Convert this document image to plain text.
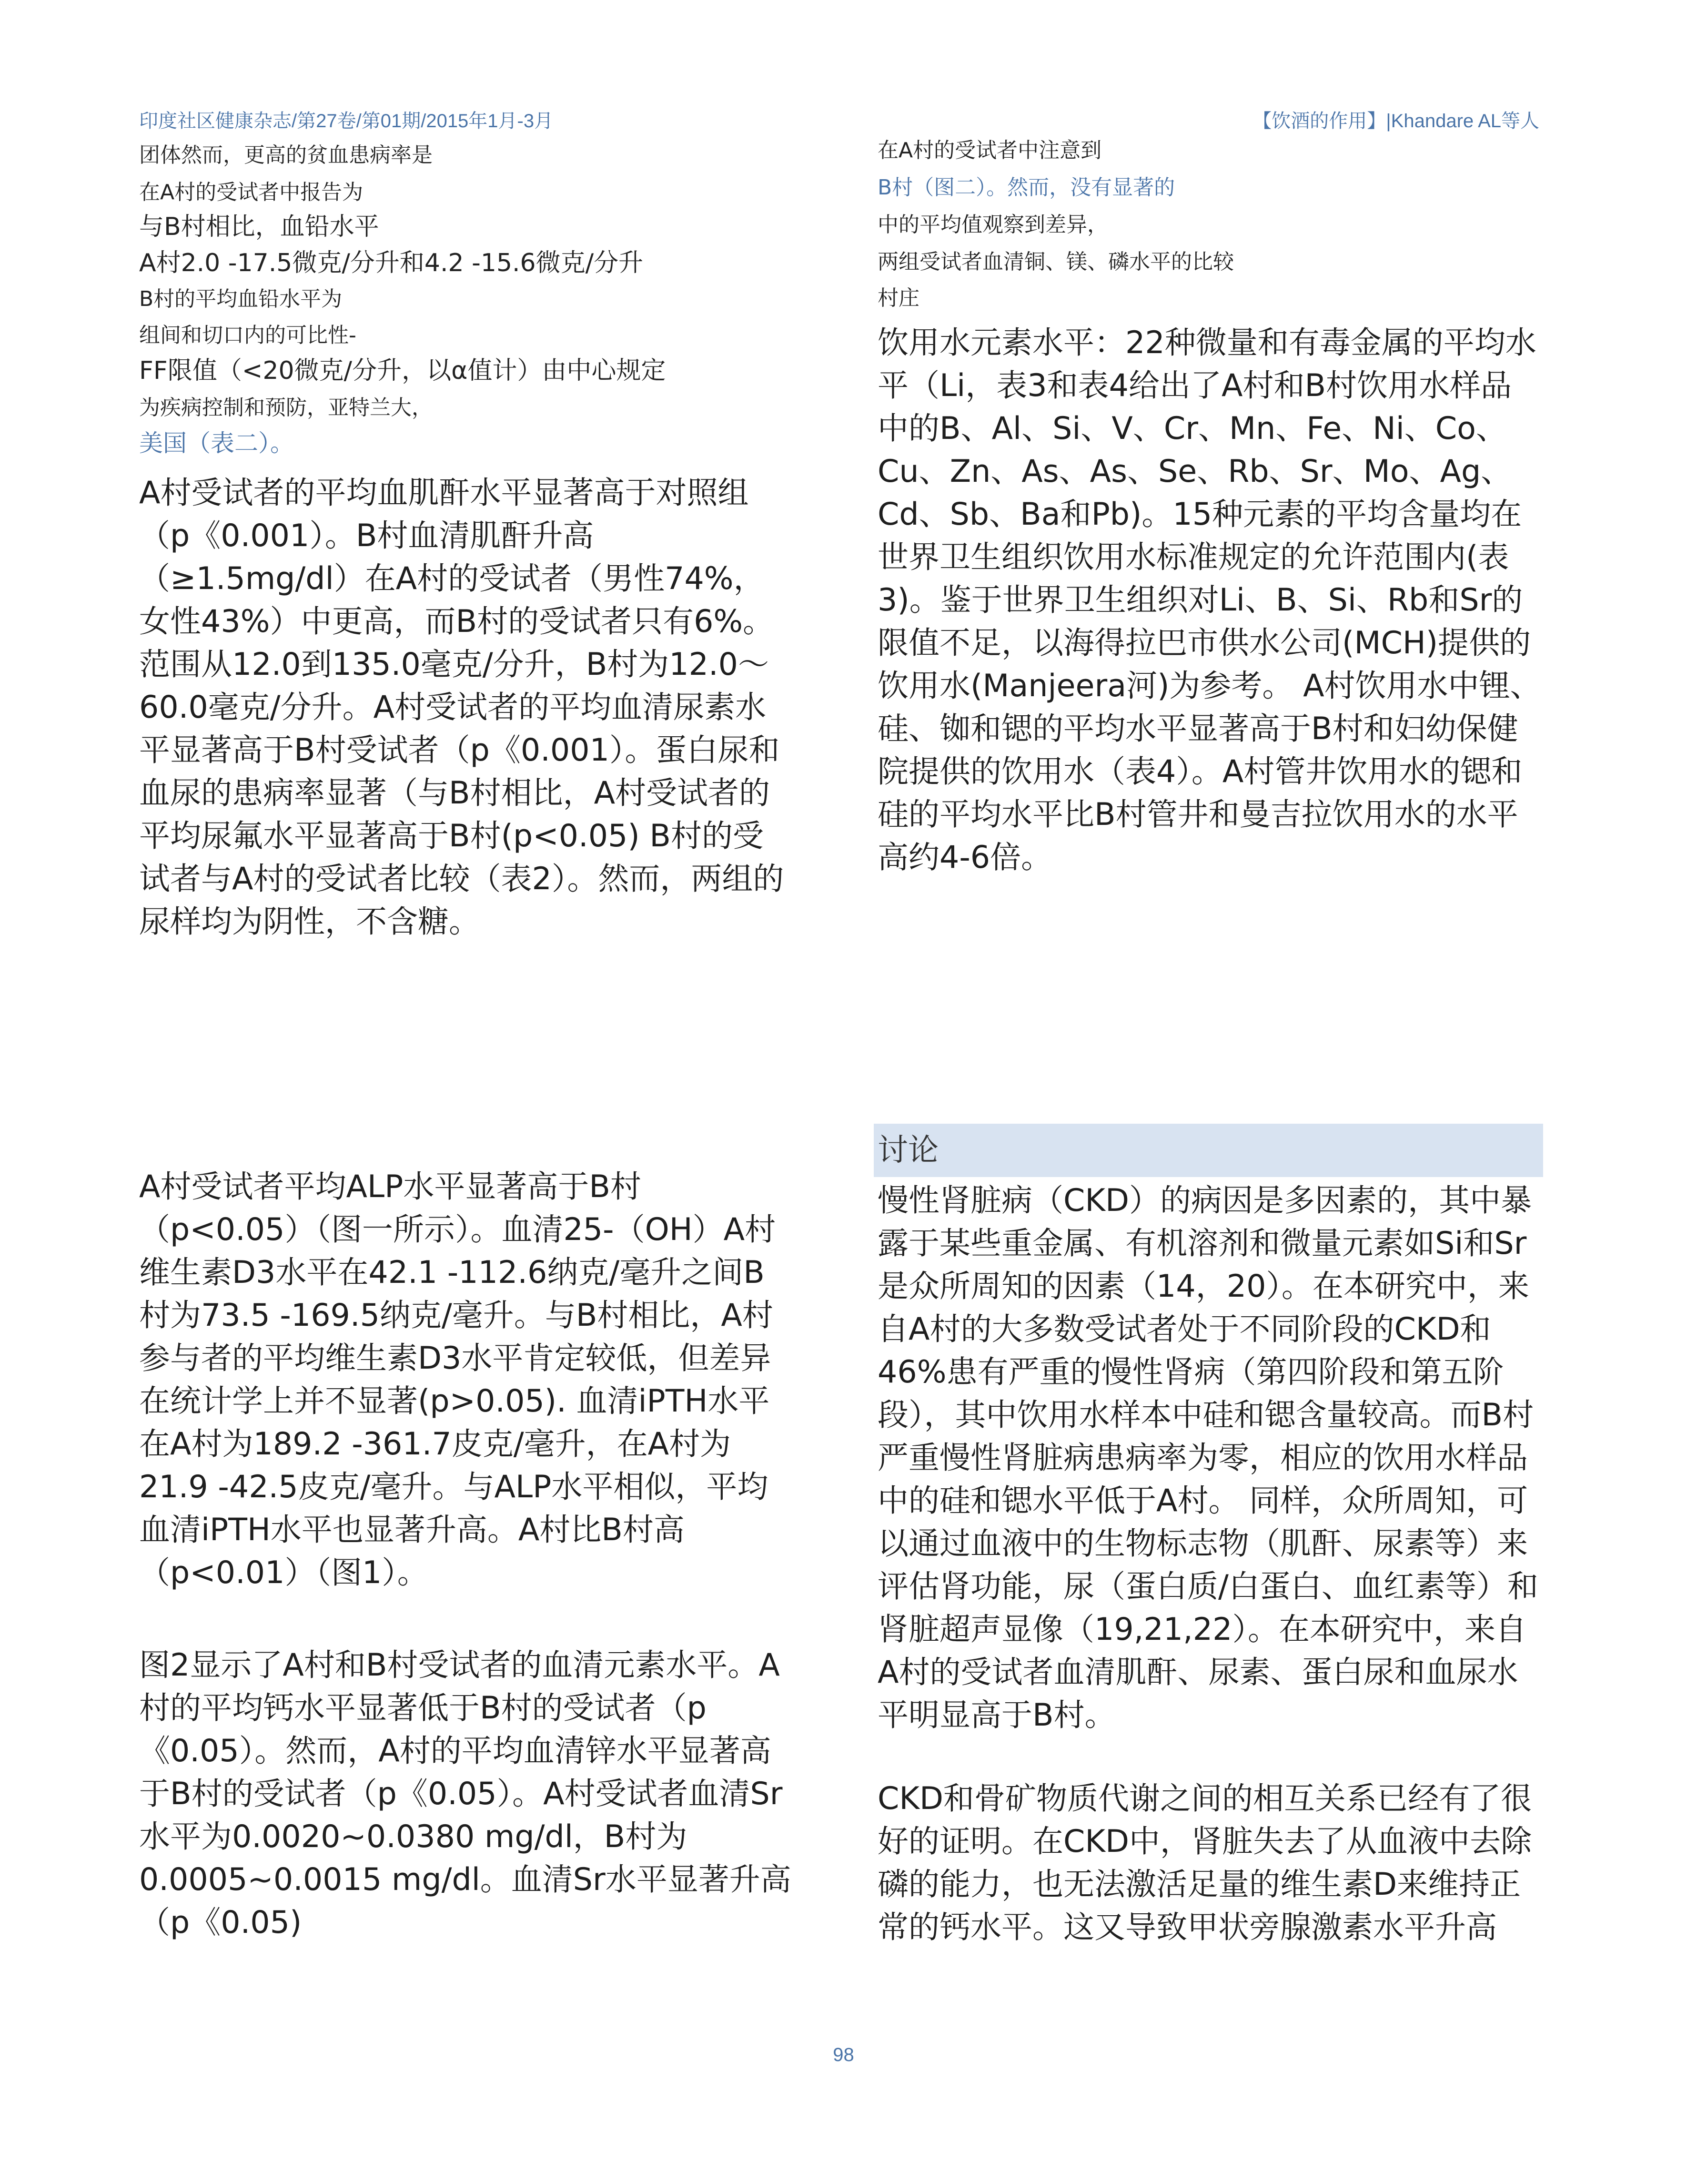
印度社区健康杂志/第27卷/第01期/2015年1月-3月	【饮酒的作用】|Khandare AL等人
团体然而，更高的贫血患病率是
在A村的受试者中报告为
与B村相比，血铅水平
A村2.0 -17.5微克/分升和4.2 -15.6微克/分升
B村的平均血铅水平为
组间和切口内的可比性-
FF限值（<20微克/分升，以α值计）由中心规定
为疾病控制和预防，亚特兰大，
美国（表二）。
A村受试者的平均血肌酐水平显著高于对照组（p《0.001）。B村血清肌酐升高（≥1.5mg/dl）在A村的受试者（男性74%，女性43%）中更高，而B村的受试者只有6%。范围从12.0到135.0毫克/分升，B村为12.0～60.0毫克/分升。A村受试者的平均血清尿素水平显著高于B村受试者（p《0.001）。蛋白尿和血尿的患病率显著（与B村相比，A村受试者的平均尿氟水平显著高于B村(p<0.05) B村的受试者与A村的受试者比较（表2）。然而，两组的尿样均为阴性，不含糖。
A村受试者平均ALP水平显著高于B村（p<0.05）（图一所示）。血清25-（OH）A村维生素D3水平在42.1 -112.6纳克/毫升之间B村为73.5 -169.5纳克/毫升。与B村相比，A村参与者的平均维生素D3水平肯定较低，但差异在统计学上并不显著(p>0.05). 血清iPTH水平在A村为189.2 -361.7皮克/毫升，在A村为21.9 -42.5皮克/毫升。与ALP水平相似，平均血清iPTH水平也显著升高。A村比B村高（p<0.01）（图1）。
图2显示了A村和B村受试者的血清元素水平。A村的平均钙水平显著低于B村的受试者（p《0.05）。然而，A村的平均血清锌水平显著高于B村的受试者（p《0.05）。A村受试者血清Sr水平为0.0020~0.0380 mg/dl，B村为0.0005~0.0015 mg/dl。血清Sr水平显著升高（p《0.05)
在A村的受试者中注意到
B村（图二）。然而，没有显著的
中的平均值观察到差异，
两组受试者血清铜、镁、磷水平的比较
村庄
饮用水元素水平：22种微量和有毒金属的平均水平（Li，表3和表4给出了A村和B村饮用水样品中的B、Al、Si、V、Cr、Mn、Fe、Ni、Co、Cu、Zn、As、As、Se、Rb、Sr、Mo、Ag、Cd、Sb、Ba和Pb)。15种元素的平均含量均在世界卫生组织饮用水标准规定的允许范围内(表3)。鉴于世界卫生组织对Li、B、Si、Rb和Sr的限值不足，以海得拉巴市供水公司(MCH)提供的饮用水(Manjeera河)为参考。 A村饮用水中锂、硅、铷和锶的平均水平显著高于B村和妇幼保健院提供的饮用水（表4）。A村管井饮用水的锶和硅的平均水平比B村管井和曼吉拉饮用水的水平高约4-6倍。
讨论
慢性肾脏病（CKD）的病因是多因素的，其中暴露于某些重金属、有机溶剂和微量元素如Si和Sr是众所周知的因素（14，20）。在本研究中，来自A村的大多数受试者处于不同阶段的CKD和46%患有严重的慢性肾病（第四阶段和第五阶段），其中饮用水样本中硅和锶含量较高。而B村严重慢性肾脏病患病率为零，相应的饮用水样品中的硅和锶水平低于A村。 同样，众所周知，可以通过血液中的生物标志物（肌酐、尿素等）来评估肾功能，尿（蛋白质/白蛋白、血红素等）和肾脏超声显像（19,21,22）。在本研究中，来自A村的受试者血清肌酐、尿素、蛋白尿和血尿水平明显高于B村。
CKD和骨矿物质代谢之间的相互关系已经有了很好的证明。在CKD中，肾脏失去了从血液中去除磷的能力，也无法激活足量的维生素D来维持正常的钙水平。这又导致甲状旁腺激素水平升高
98
